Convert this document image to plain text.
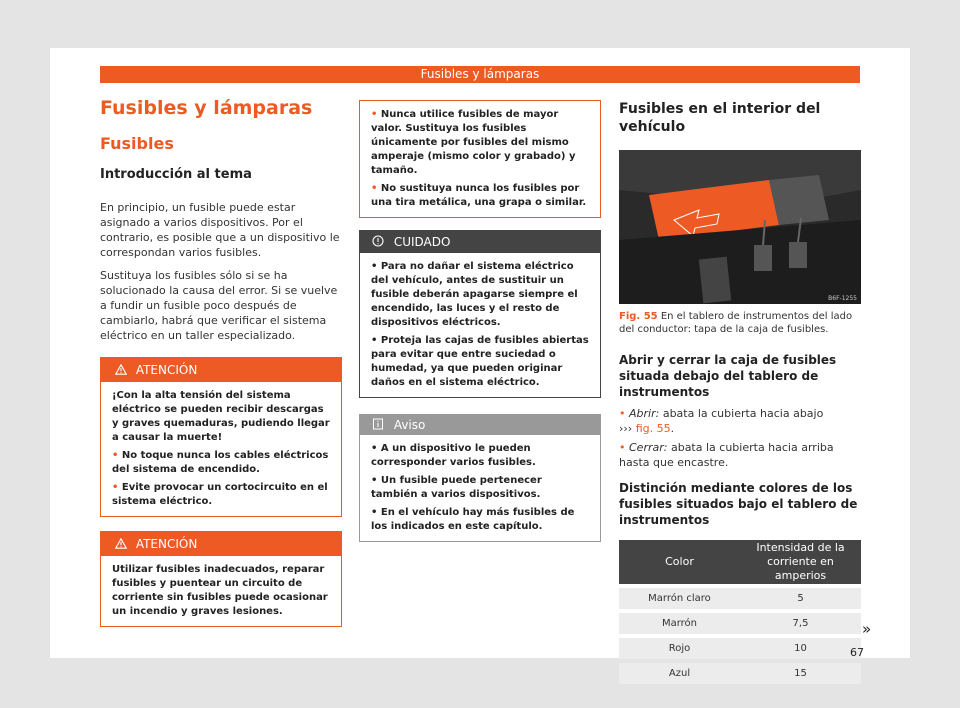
Fusibles y lámparas
Fusibles y lámparas
Fusibles
Introducción al tema

En principio, un fusible puede estar asignado a varios dispositivos. Por el contrario, es posible que a un dispositivo le correspondan varios fusibles.

Sustituya los fusibles sólo si se ha solucionado la causa del error. Si se vuelve a fundir un fusible poco después de cambiarlo, habrá que verificar el sistema eléctrico en un taller especializado.

ATENCIÓN

¡Con la alta tensión del sistema eléctrico se pueden recibir descargas y graves quemaduras, pudiendo llegar a causar la muerte!

• No toque nunca los cables eléctricos del sistema de encendido.

• Evite provocar un cortocircuito en el sistema eléctrico.

ATENCIÓN

Utilizar fusibles inadecuados, reparar fusibles y puentear un circuito de corriente sin fusibles puede ocasionar un incendio y graves lesiones.

• Nunca utilice fusibles de mayor valor. Sustituya los fusibles únicamente por fusibles del mismo amperaje (mismo color y grabado) y tamaño.

• No sustituya nunca los fusibles por una tira metálica, una grapa o similar.

CUIDADO

• Para no dañar el sistema eléctrico del vehículo, antes de sustituir un fusible deberán apagarse siempre el encendido, las luces y el resto de dispositivos eléctricos.

• Proteja las cajas de fusibles abiertas para evitar que entre suciedad o humedad, ya que pueden originar daños en el sistema eléctrico.

Aviso

• A un dispositivo le pueden corresponder varios fusibles.

• Un fusible puede pertenecer también a varios dispositivos.

• En el vehículo hay más fusibles de los indicados en este capítulo.

Fusibles en el interior del vehículo
B6F-1255
Fig. 55 En el tablero de instrumentos del lado del conductor: tapa de la caja de fusibles.
Abrir y cerrar la caja de fusibles situada debajo del tablero de instrumentos

• Abrir: abata la cubierta hacia abajo
››› fig. 55.

• Cerrar: abata la cubierta hacia arriba hasta que encastre.

Distinción mediante colores de los fusibles situados bajo el tablero de instrumentos
Color	Intensidad de la corriente en amperios
Marrón claro	5
Marrón	7,5
Rojo	10
Azul	15
»
67
